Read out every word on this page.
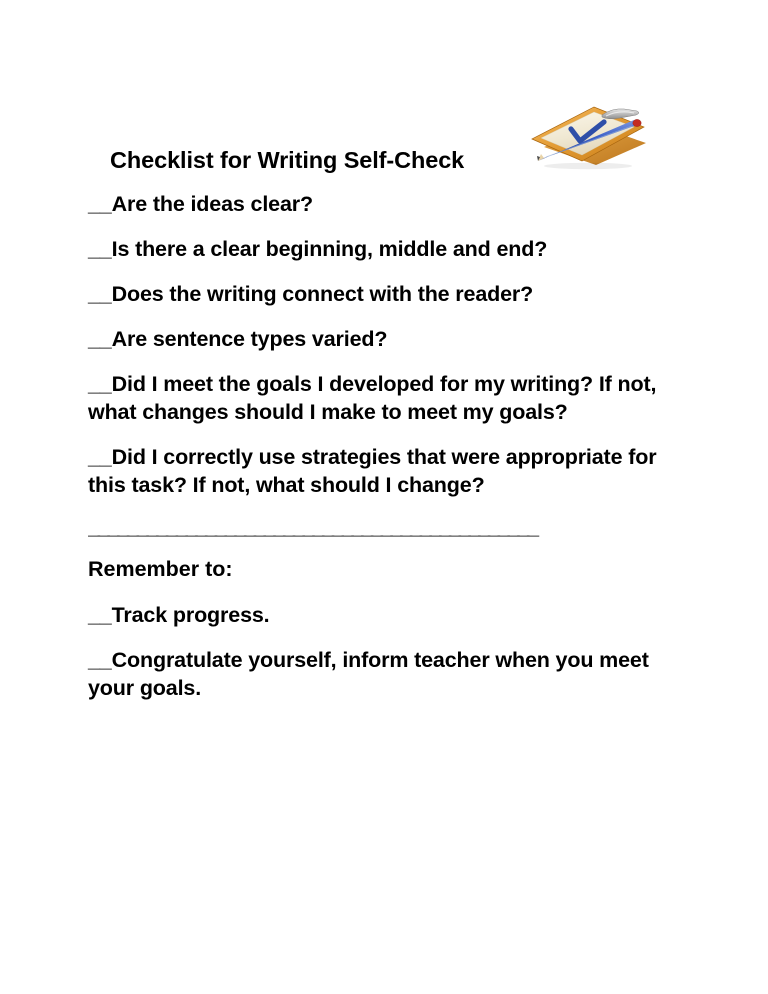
Checklist for Writing Self-Check

__Are the ideas clear?

__Is there a clear beginning, middle and end?

__Does the writing connect with the reader?

__Are sentence types varied?

__Did I meet the goals I developed for my writing? If not, what changes should I make to meet my goals?

__Did I correctly use strategies that were appropriate for this task? If not, what should I change?

______________________________________________

Remember to:

__Track progress.

__Congratulate yourself, inform teacher when you meet your goals.
